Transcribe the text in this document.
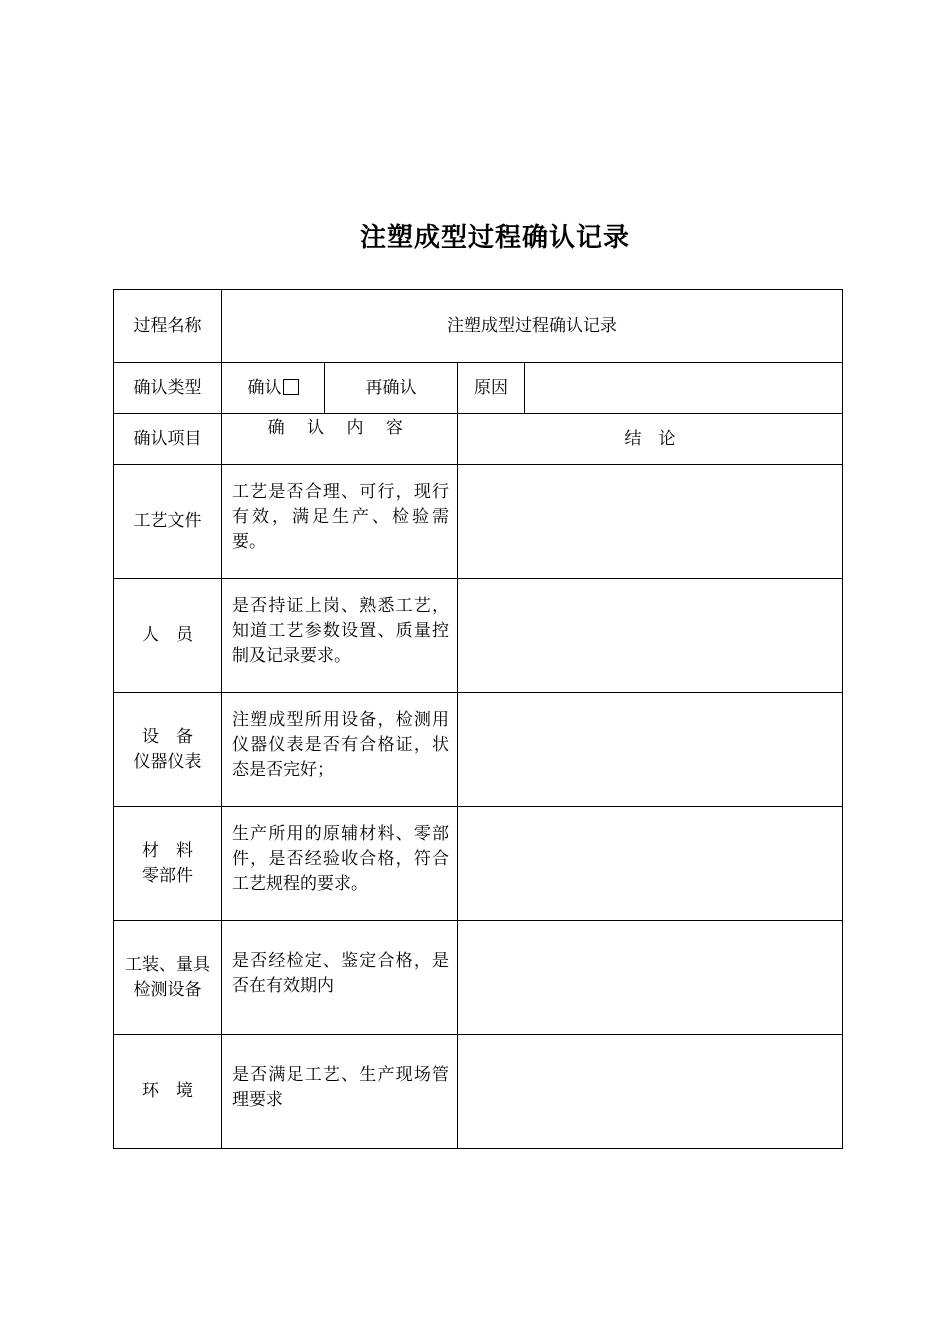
注塑成型过程确认记录
过程名称	注塑成型过程确认记录			
确认类型	确认	再确认	原因	
确认项目	确 认 内 容		结　论	

工艺文件	工艺是否合理、可行，现行有效，满足生产、检验需要。			

人　员	是否持证上岗、熟悉工艺，知道工艺参数设置、质量控制及记录要求。			

设　备
仪器仪表	注塑成型所用设备，检测用仪器仪表是否有合格证，状态是否完好；			

材　料
零部件	生产所用的原辅材料、零部件，是否经验收合格，符合工艺规程的要求。			

工装、量具
检测设备	是否经检定、鉴定合格，是否在有效期内			

环　境	是否满足工艺、生产现场管理要求			
